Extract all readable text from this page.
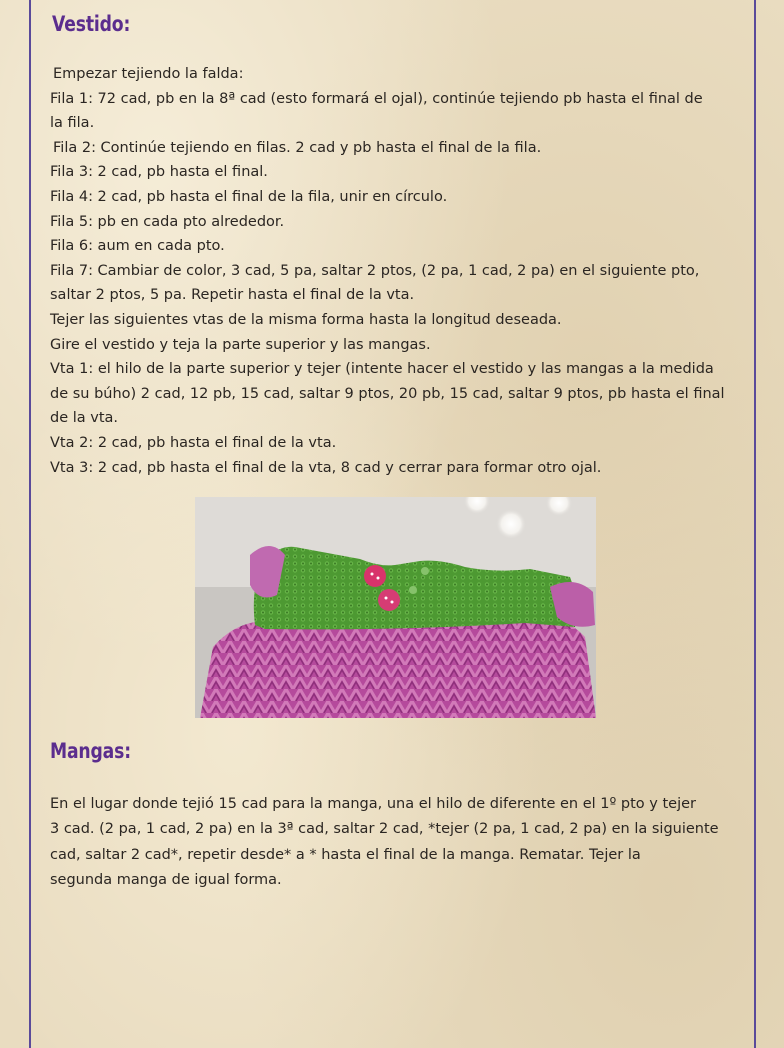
Vestido:
Empezar tejiendo la falda:
Fila 1: 72 cad, pb en la 8ª cad (esto formará el ojal), continúe tejiendo pb hasta el final de
la fila.
Fila 2: Continúe tejiendo en filas. 2 cad y pb hasta el final de la fila.
Fila 3: 2 cad, pb hasta el final.
Fila 4: 2 cad, pb hasta el final de la fila, unir en círculo.
Fila 5: pb en cada pto alrededor.
Fila 6: aum en cada pto.
Fila 7: Cambiar de color, 3 cad, 5 pa, saltar 2 ptos, (2 pa, 1 cad, 2 pa) en el siguiente pto,
saltar 2 ptos, 5 pa. Repetir hasta el final de la vta.
Tejer las siguientes vtas de la misma forma hasta la longitud deseada.
Gire el vestido y teja la parte superior y las mangas.
Vta 1: el hilo de la parte superior y tejer (intente hacer el vestido y las mangas a la medida
de su búho) 2 cad, 12 pb, 15 cad, saltar 9 ptos, 20 pb, 15 cad, saltar 9 ptos, pb hasta el final
de la vta.
Vta 2: 2 cad, pb hasta el final de la vta.
Vta 3: 2 cad, pb hasta el final de la vta, 8 cad y cerrar para formar otro ojal.
Mangas:
En el lugar donde tejió 15 cad para la manga, una el hilo de diferente en el 1º pto y tejer
3 cad. (2 pa, 1 cad, 2 pa) en la 3ª cad, saltar 2 cad, *tejer (2 pa, 1 cad, 2 pa) en la siguiente
cad, saltar 2 cad*, repetir desde* a * hasta el final de la manga. Rematar. Tejer la
segunda manga de igual forma.
